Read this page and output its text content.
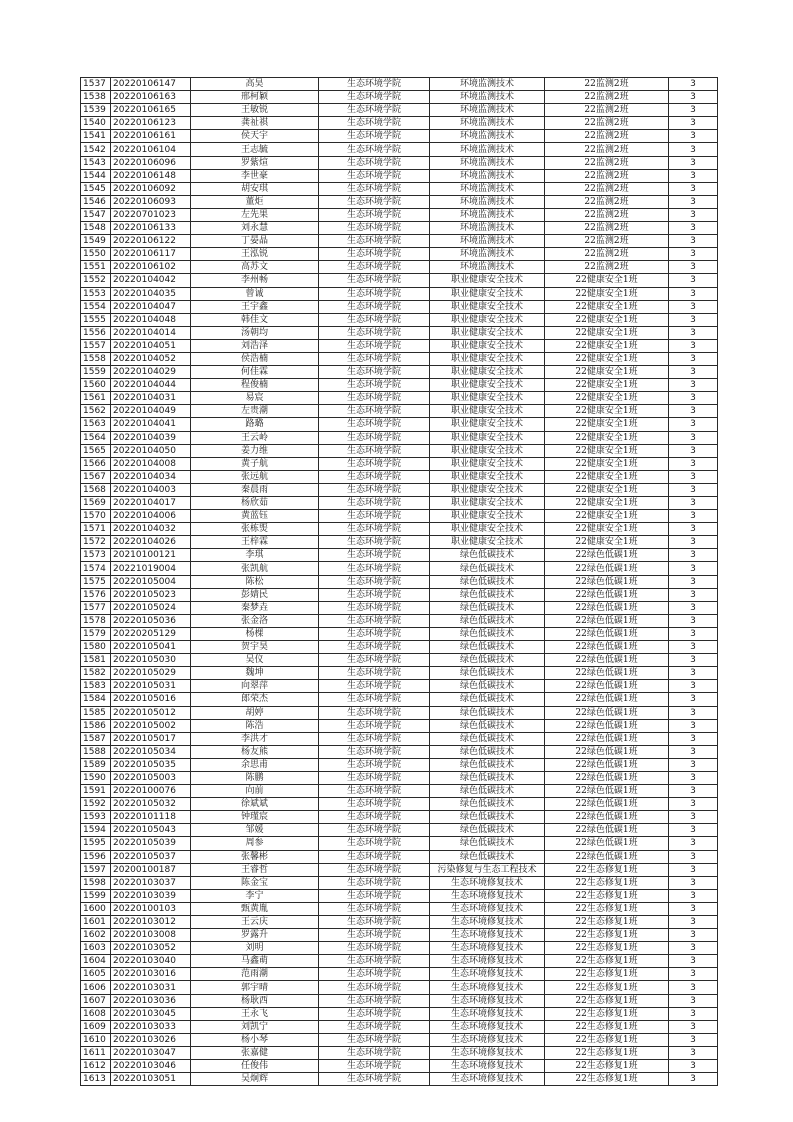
1537	20220106147	高昊	生态环境学院	环境监测技术	22监测2班	3	
1538	20220106163	邢柯颖	生态环境学院	环境监测技术	22监测2班	3	
1539	20220106165	王敏锐	生态环境学院	环境监测技术	22监测2班	3	
1540	20220106123	龚祉祺	生态环境学院	环境监测技术	22监测2班	3	
1541	20220106161	侯天宇	生态环境学院	环境监测技术	22监测2班	3	
1542	20220106104	王志毓	生态环境学院	环境监测技术	22监测2班	3	
1543	20220106096	罗紫煊	生态环境学院	环境监测技术	22监测2班	3	
1544	20220106148	李世豪	生态环境学院	环境监测技术	22监测2班	3	
1545	20220106092	胡安琪	生态环境学院	环境监测技术	22监测2班	3	
1546	20220106093	董炬	生态环境学院	环境监测技术	22监测2班	3	
1547	20220701023	左先果	生态环境学院	环境监测技术	22监测2班	3	
1548	20220106133	刘永慧	生态环境学院	环境监测技术	22监测2班	3	
1549	20220106122	丁晏晶	生态环境学院	环境监测技术	22监测2班	3	
1550	20220106117	王泓锐	生态环境学院	环境监测技术	22监测2班	3	
1551	20220106102	高苏文	生态环境学院	环境监测技术	22监测2班	3	
1552	20220104042	李州畅	生态环境学院	职业健康安全技术	22健康安全1班	3	
1553	20220104035	曾诚	生态环境学院	职业健康安全技术	22健康安全1班	3	
1554	20220104047	王宇鑫	生态环境学院	职业健康安全技术	22健康安全1班	3	
1555	20220104048	韩佳文	生态环境学院	职业健康安全技术	22健康安全1班	3	
1556	20220104014	汤朝均	生态环境学院	职业健康安全技术	22健康安全1班	3	
1557	20220104051	刘浩泽	生态环境学院	职业健康安全技术	22健康安全1班	3	
1558	20220104052	侯浩楠	生态环境学院	职业健康安全技术	22健康安全1班	3	
1559	20220104029	何佳霖	生态环境学院	职业健康安全技术	22健康安全1班	3	
1560	20220104044	程俊楠	生态环境学院	职业健康安全技术	22健康安全1班	3	
1561	20220104031	易宸	生态环境学院	职业健康安全技术	22健康安全1班	3	
1562	20220104049	左贵潮	生态环境学院	职业健康安全技术	22健康安全1班	3	
1563	20220104041	路璐	生态环境学院	职业健康安全技术	22健康安全1班	3	
1564	20220104039	王云岭	生态环境学院	职业健康安全技术	22健康安全1班	3	
1565	20220104050	姜力维	生态环境学院	职业健康安全技术	22健康安全1班	3	
1566	20220104008	黄子航	生态环境学院	职业健康安全技术	22健康安全1班	3	
1567	20220104034	张远航	生态环境学院	职业健康安全技术	22健康安全1班	3	
1568	20220104003	秦晨雨	生态环境学院	职业健康安全技术	22健康安全1班	3	
1569	20220104017	杨欣茹	生态环境学院	职业健康安全技术	22健康安全1班	3	
1570	20220104006	黄蓝钰	生态环境学院	职业健康安全技术	22健康安全1班	3	
1571	20220104032	张栋煚	生态环境学院	职业健康安全技术	22健康安全1班	3	
1572	20220104026	王梓霖	生态环境学院	职业健康安全技术	22健康安全1班	3	
1573	20210100121	李琪	生态环境学院	绿色低碳技术	22绿色低碳1班	3	
1574	20221019004	张凯航	生态环境学院	绿色低碳技术	22绿色低碳1班	3	
1575	20220105004	陈松	生态环境学院	绿色低碳技术	22绿色低碳1班	3	
1576	20220105023	彭婧民	生态环境学院	绿色低碳技术	22绿色低碳1班	3	
1577	20220105024	秦梦垚	生态环境学院	绿色低碳技术	22绿色低碳1班	3	
1578	20220105036	张金洛	生态环境学院	绿色低碳技术	22绿色低碳1班	3	
1579	20220205129	杨棵	生态环境学院	绿色低碳技术	22绿色低碳1班	3	
1580	20220105041	贺宇昊	生态环境学院	绿色低碳技术	22绿色低碳1班	3	
1581	20220105030	吴仪	生态环境学院	绿色低碳技术	22绿色低碳1班	3	
1582	20220105029	魏坤	生态环境学院	绿色低碳技术	22绿色低碳1班	3	
1583	20220105031	向翠萍	生态环境学院	绿色低碳技术	22绿色低碳1班	3	
1584	20220105016	郎荣杰	生态环境学院	绿色低碳技术	22绿色低碳1班	3	
1585	20220105012	胡婷	生态环境学院	绿色低碳技术	22绿色低碳1班	3	
1586	20220105002	陈浩	生态环境学院	绿色低碳技术	22绿色低碳1班	3	
1587	20220105017	李洪才	生态环境学院	绿色低碳技术	22绿色低碳1班	3	
1588	20220105034	杨友熊	生态环境学院	绿色低碳技术	22绿色低碳1班	3	
1589	20220105035	余思甫	生态环境学院	绿色低碳技术	22绿色低碳1班	3	
1590	20220105003	陈鹏	生态环境学院	绿色低碳技术	22绿色低碳1班	3	
1591	20220100076	向前	生态环境学院	绿色低碳技术	22绿色低碳1班	3	
1592	20220105032	徐斌斌	生态环境学院	绿色低碳技术	22绿色低碳1班	3	
1593	20220101118	钟瑾宸	生态环境学院	绿色低碳技术	22绿色低碳1班	3	
1594	20220105043	邹媛	生态环境学院	绿色低碳技术	22绿色低碳1班	3	
1595	20220105039	周参	生态环境学院	绿色低碳技术	22绿色低碳1班	3	
1596	20220105037	张馨彬	生态环境学院	绿色低碳技术	22绿色低碳1班	3	
1597	20200100187	王睿哲	生态环境学院	污染修复与生态工程技术	22生态修复1班	3	
1598	20220103037	陈金宝	生态环境学院	生态环境修复技术	22生态修复1班	3	
1599	20220103039	李宁	生态环境学院	生态环境修复技术	22生态修复1班	3	
1600	20220100103	甄黄胤	生态环境学院	生态环境修复技术	22生态修复1班	3	
1601	20220103012	王云庆	生态环境学院	生态环境修复技术	22生态修复1班	3	
1602	20220103008	罗露升	生态环境学院	生态环境修复技术	22生态修复1班	3	
1603	20220103052	刘明	生态环境学院	生态环境修复技术	22生态修复1班	3	
1604	20220103040	马鑫萌	生态环境学院	生态环境修复技术	22生态修复1班	3	
1605	20220103016	范雨潮	生态环境学院	生态环境修复技术	22生态修复1班	3	
1606	20220103031	郭宇晴	生态环境学院	生态环境修复技术	22生态修复1班	3	
1607	20220103036	杨耿西	生态环境学院	生态环境修复技术	22生态修复1班	3	
1608	20220103045	王永飞	生态环境学院	生态环境修复技术	22生态修复1班	3	
1609	20220103033	刘凯宁	生态环境学院	生态环境修复技术	22生态修复1班	3	
1610	20220103026	杨小琴	生态环境学院	生态环境修复技术	22生态修复1班	3	
1611	20220103047	张嘉健	生态环境学院	生态环境修复技术	22生态修复1班	3	
1612	20220103046	任俊伟	生态环境学院	生态环境修复技术	22生态修复1班	3	
1613	20220103051	吴炯辉	生态环境学院	生态环境修复技术	22生态修复1班	3	
